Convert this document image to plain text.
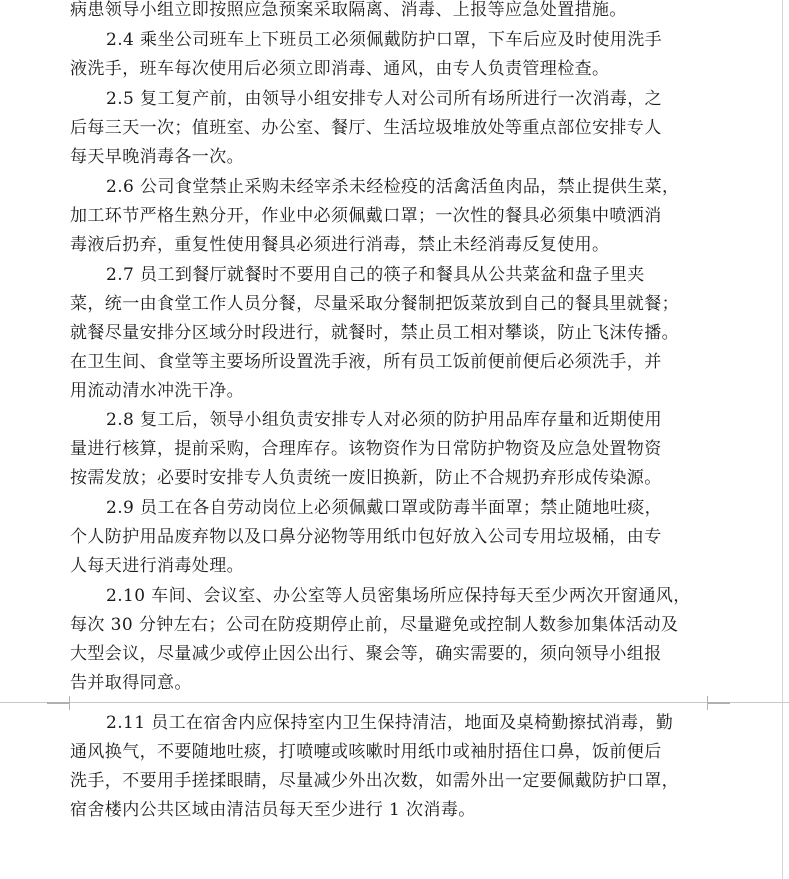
病患领导小组立即按照应急预案采取隔离、消毒、上报等应急处置措施。
2.4 乘坐公司班车上下班员工必须佩戴防护口罩，下车后应及时使用洗手
液洗手，班车每次使用后必须立即消毒、通风，由专人负责管理检查。
2.5 复工复产前，由领导小组安排专人对公司所有场所进行一次消毒，之
后每三天一次；值班室、办公室、餐厅、生活垃圾堆放处等重点部位安排专人
每天早晚消毒各一次。
2.6 公司食堂禁止采购未经宰杀未经检疫的活禽活鱼肉品，禁止提供生菜，
加工环节严格生熟分开，作业中必须佩戴口罩；一次性的餐具必须集中喷洒消
毒液后扔弃，重复性使用餐具必须进行消毒，禁止未经消毒反复使用。
2.7 员工到餐厅就餐时不要用自己的筷子和餐具从公共菜盆和盘子里夹
菜，统一由食堂工作人员分餐，尽量采取分餐制把饭菜放到自己的餐具里就餐；
就餐尽量安排分区域分时段进行，就餐时，禁止员工相对攀谈，防止飞沫传播。
在卫生间、食堂等主要场所设置洗手液，所有员工饭前便前便后必须洗手，并
用流动清水冲洗干净。
2.8 复工后，领导小组负责安排专人对必须的防护用品库存量和近期使用
量进行核算，提前采购，合理库存。该物资作为日常防护物资及应急处置物资
按需发放；必要时安排专人负责统一废旧换新，防止不合规扔弃形成传染源。
2.9 员工在各自劳动岗位上必须佩戴口罩或防毒半面罩；禁止随地吐痰，
个人防护用品废弃物以及口鼻分泌物等用纸巾包好放入公司专用垃圾桶，由专
人每天进行消毒处理。
2.10 车间、会议室、办公室等人员密集场所应保持每天至少两次开窗通风，
每次 30 分钟左右；公司在防疫期停止前，尽量避免或控制人数参加集体活动及
大型会议，尽量减少或停止因公出行、聚会等，确实需要的，须向领导小组报
告并取得同意。
2.11 员工在宿舍内应保持室内卫生保持清洁，地面及桌椅勤擦拭消毒，勤
通风换气，不要随地吐痰，打喷嚏或咳嗽时用纸巾或袖肘捂住口鼻，饭前便后
洗手，不要用手搓揉眼睛，尽量减少外出次数，如需外出一定要佩戴防护口罩，
宿舍楼内公共区域由清洁员每天至少进行 1 次消毒。
